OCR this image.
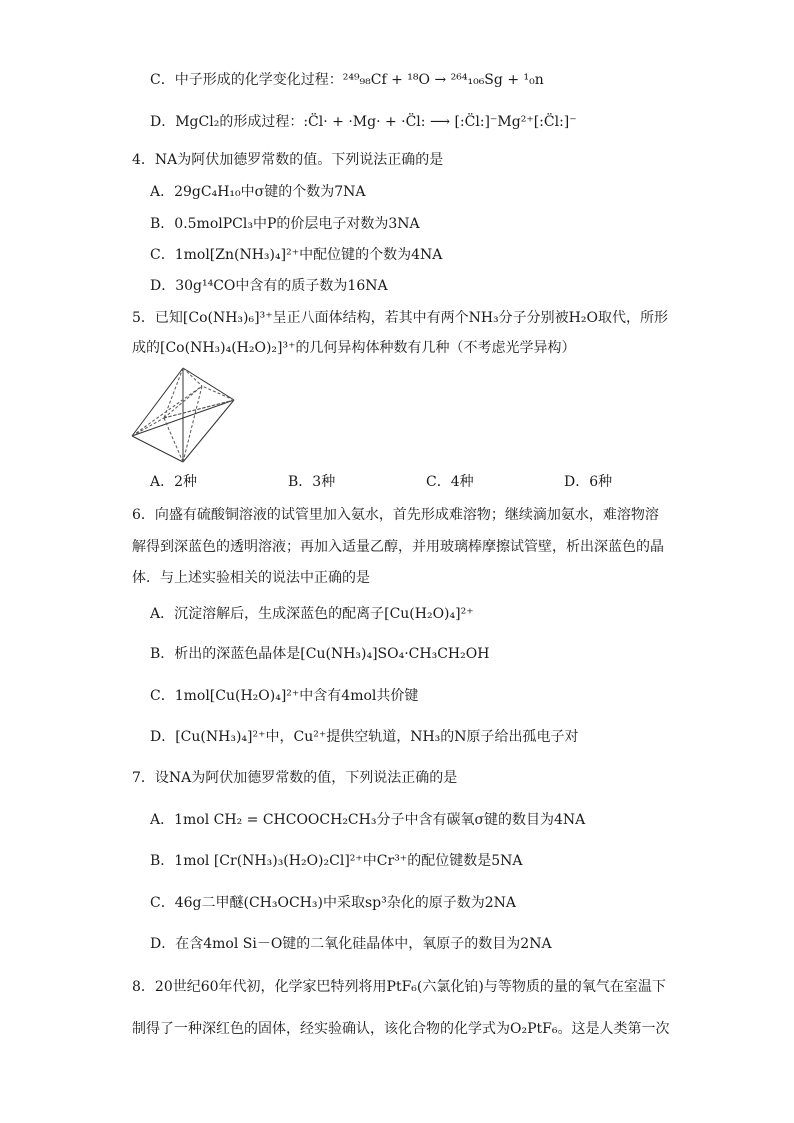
C．中子形成的化学变化过程：²⁴⁹₉₈Cf + ¹⁸O → ²⁶⁴₁₀₆Sg + ¹₀n
D．MgCl₂的形成过程：:C̈l· + ·Mg· + ·C̈l: ⟶ [:C̈l:]⁻Mg²⁺[:C̈l:]⁻
4．NA为阿伏加德罗常数的值。下列说法正确的是
A．29gC₄H₁₀中σ键的个数为7NA
B．0.5molPCl₃中P的价层电子对数为3NA
C．1mol[Zn(NH₃)₄]²⁺中配位键的个数为4NA
D．30g¹⁴CO中含有的质子数为16NA
5．已知[Co(NH₃)₆]³⁺呈正八面体结构，若其中有两个NH₃分子分别被H₂O取代，所形
成的[Co(NH₃)₄(H₂O)₂]³⁺的几何异构体种数有几种（不考虑光学异构）
A．2种	B．3种	C．4种	D．6种
6．向盛有硫酸铜溶液的试管里加入氨水，首先形成难溶物；继续滴加氨水，难溶物溶
解得到深蓝色的透明溶液；再加入适量乙醇，并用玻璃棒摩擦试管壁，析出深蓝色的晶
体．与上述实验相关的说法中正确的是
A．沉淀溶解后，生成深蓝色的配离子[Cu(H₂O)₄]²⁺
B．析出的深蓝色晶体是[Cu(NH₃)₄]SO₄·CH₃CH₂OH
C．1mol[Cu(H₂O)₄]²⁺中含有4mol共价键
D．[Cu(NH₃)₄]²⁺中，Cu²⁺提供空轨道，NH₃的N原子给出孤电子对
7．设NA为阿伏加德罗常数的值，下列说法正确的是
A．1mol CH₂ = CHCOOCH₂CH₃分子中含有碳氧σ键的数目为4NA
B．1mol [Cr(NH₃)₃(H₂O)₂Cl]²⁺中Cr³⁺的配位键数是5NA
C．46g二甲醚(CH₃OCH₃)中采取sp³杂化的原子数为2NA
D．在含4mol Si－O键的二氧化硅晶体中，氧原子的数目为2NA
8．20世纪60年代初，化学家巴特列将用PtF₆(六氯化铂)与等物质的量的氧气在室温下
制得了一种深红色的固体，经实验确认，该化合物的化学式为O₂PtF₆。这是人类第一次
